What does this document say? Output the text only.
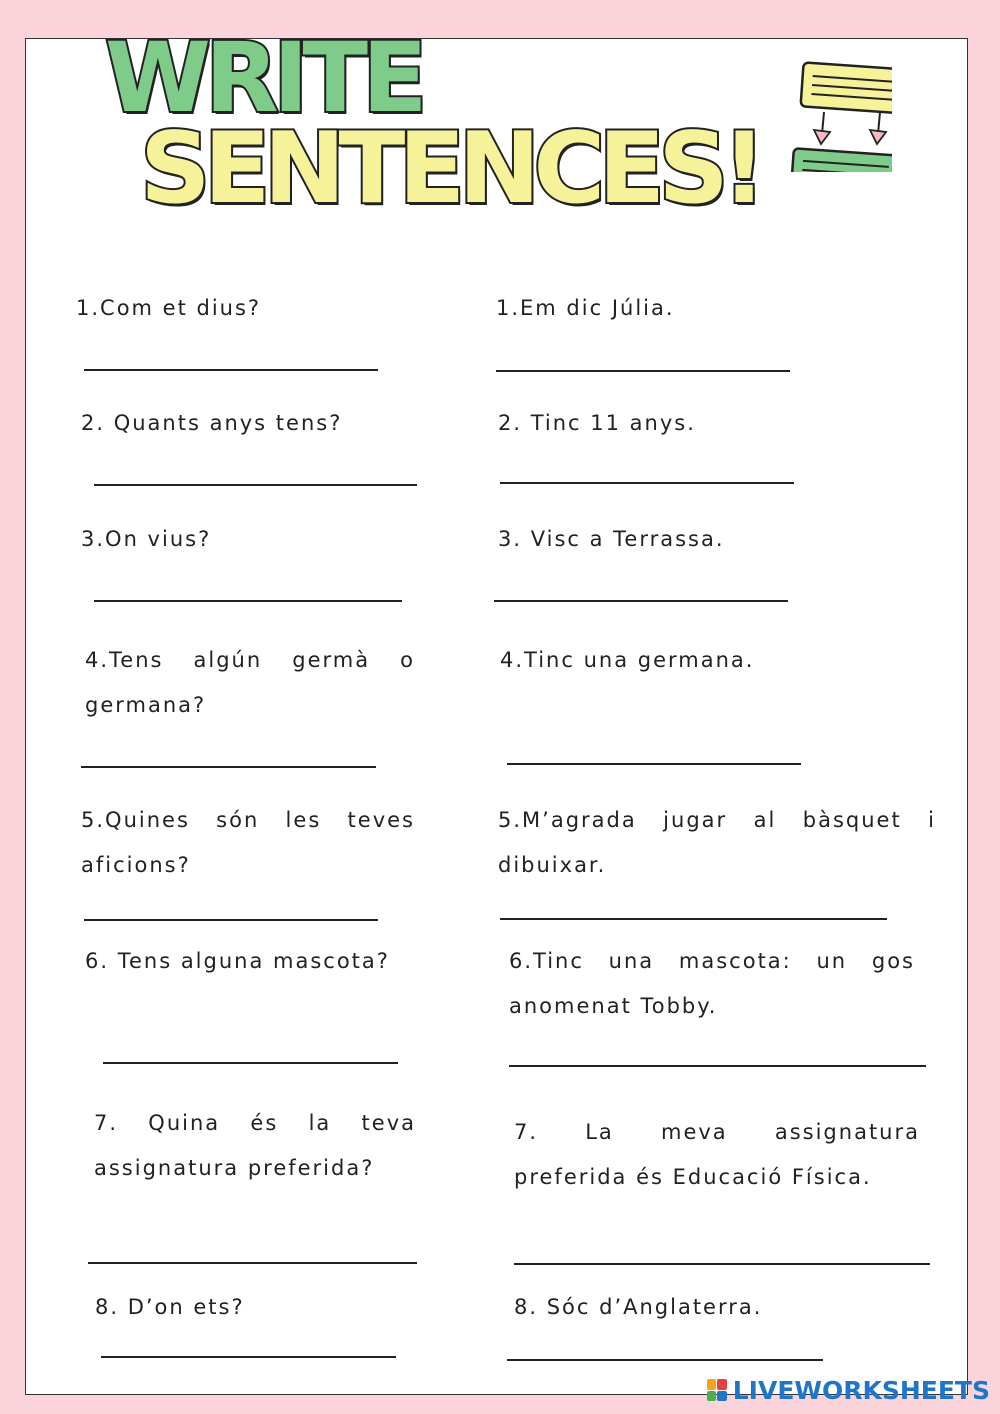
WRITE
SENTENCES!

1.Com et dius?

2. Quants anys tens?

3.On vius?

4.Tens algún germà o germana?

5.Quines són les teves aficions?

6. Tens alguna mascota?

7. Quina és la teva assignatura preferida?

8. D’on ets?

1.Em dic Júlia.

2. Tinc 11 anys.

3. Visc a Terrassa.

4.Tinc una germana.

5.M’agrada jugar al bàsquet i dibuixar.

6.Tinc una mascota: un gos anomenat Tobby.

7. La meva assignatura preferida és Educació Física.

8. Sóc d’Anglaterra.

LIVEWORKSHEETS
